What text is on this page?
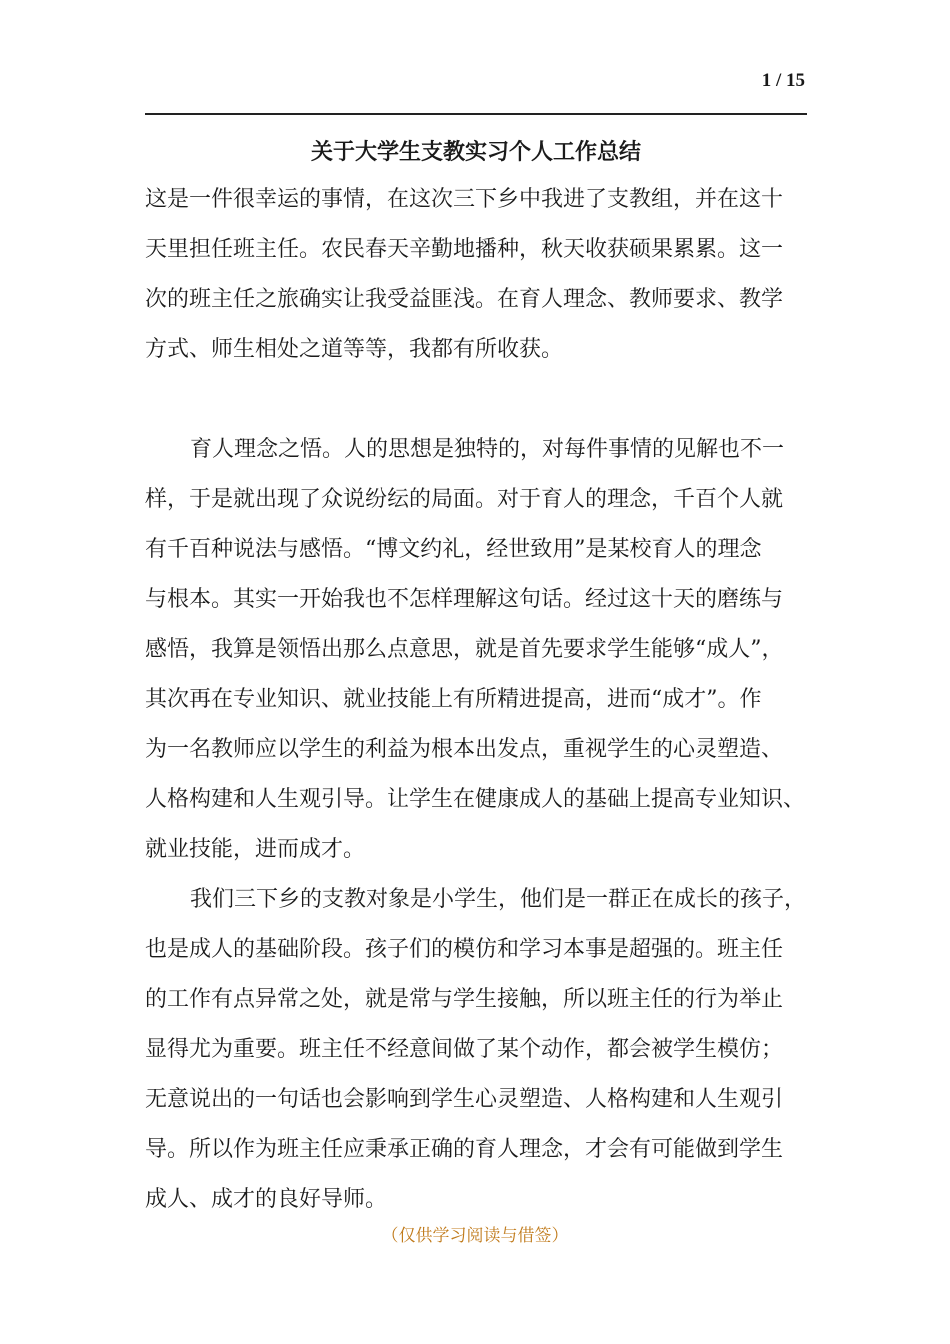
1 / 15
关于大学生支教实习个人工作总结
这是一件很幸运的事情，在这次三下乡中我进了支教组，并在这十
天里担任班主任。农民春天辛勤地播种，秋天收获硕果累累。这一
次的班主任之旅确实让我受益匪浅。在育人理念、教师要求、教学
方式、师生相处之道等等，我都有所收获。
育人理念之悟。人的思想是独特的，对每件事情的见解也不一
样，于是就出现了众说纷纭的局面。对于育人的理念，千百个人就
有千百种说法与感悟。“博文约礼，经世致用”是某校育人的理念
与根本。其实一开始我也不怎样理解这句话。经过这十天的磨练与
感悟，我算是领悟出那么点意思，就是首先要求学生能够“成人”，
其次再在专业知识、就业技能上有所精进提高，进而“成才”。作
为一名教师应以学生的利益为根本出发点，重视学生的心灵塑造、
人格构建和人生观引导。让学生在健康成人的基础上提高专业知识、
就业技能，进而成才。
我们三下乡的支教对象是小学生，他们是一群正在成长的孩子，
也是成人的基础阶段。孩子们的模仿和学习本事是超强的。班主任
的工作有点异常之处，就是常与学生接触，所以班主任的行为举止
显得尤为重要。班主任不经意间做了某个动作，都会被学生模仿；
无意说出的一句话也会影响到学生心灵塑造、人格构建和人生观引
导。所以作为班主任应秉承正确的育人理念，才会有可能做到学生
成人、成才的良好导师。
（仅供学习阅读与借签）
